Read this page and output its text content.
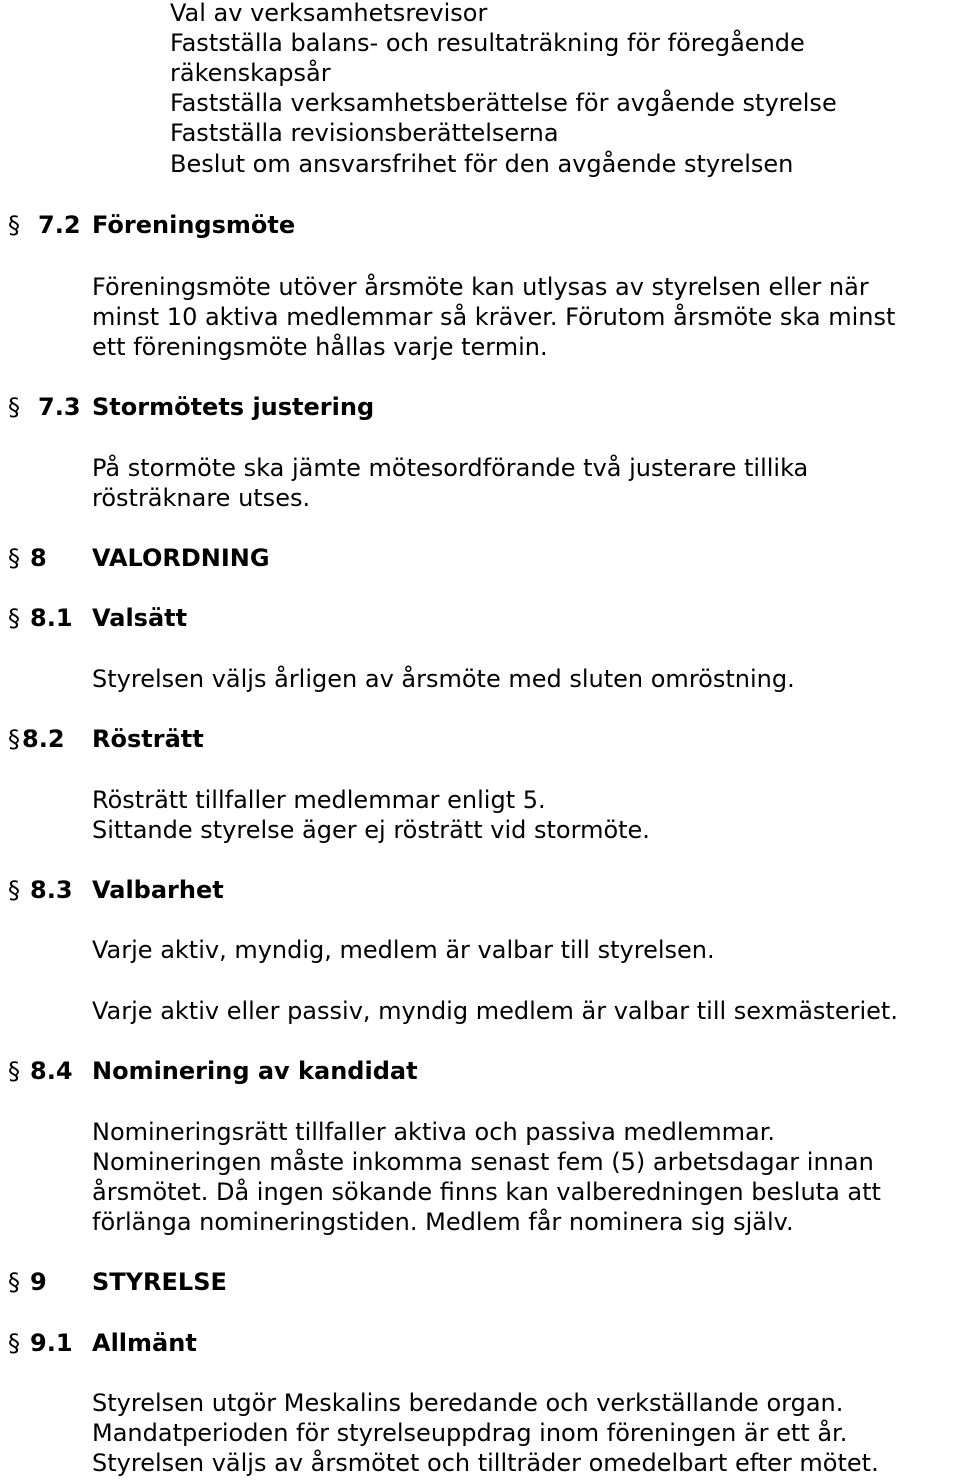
Val av verksamhetsrevisor

Fastställa balans- och resultaträkning för föregående

räkenskapsår

Fastställa verksamhetsberättelse för avgående styrelse

Fastställa revisionsberättelserna

Beslut om ansvarsfrihet för den avgående styrelsen

§ 7.2 Föreningsmöte

Föreningsmöte utöver årsmöte kan utlysas av styrelsen eller när

minst 10 aktiva medlemmar så kräver. Förutom årsmöte ska minst

ett föreningsmöte hållas varje termin.

§ 7.3 Stormötets justering

På stormöte ska jämte mötesordförande två justerare tillika

rösträknare utses.

§ 8 VALORDNING
§ 8.1 Valsätt

Styrelsen väljs årligen av årsmöte med sluten omröstning.

§ 8.2 Rösträtt

Rösträtt tillfaller medlemmar enligt 5.

Sittande styrelse äger ej rösträtt vid stormöte.

§ 8.3 Valbarhet

Varje aktiv, myndig, medlem är valbar till styrelsen.

Varje aktiv eller passiv, myndig medlem är valbar till sexmästeriet.

§ 8.4 Nominering av kandidat

Nomineringsrätt tillfaller aktiva och passiva medlemmar.

Nomineringen måste inkomma senast fem (5) arbetsdagar innan

årsmötet. Då ingen sökande finns kan valberedningen besluta att

förlänga nomineringstiden. Medlem får nominera sig själv.

§ 9 STYRELSE
§ 9.1 Allmänt

Styrelsen utgör Meskalins beredande och verkställande organ.

Mandatperioden för styrelseuppdrag inom föreningen är ett år.

Styrelsen väljs av årsmötet och tillträder omedelbart efter mötet.
